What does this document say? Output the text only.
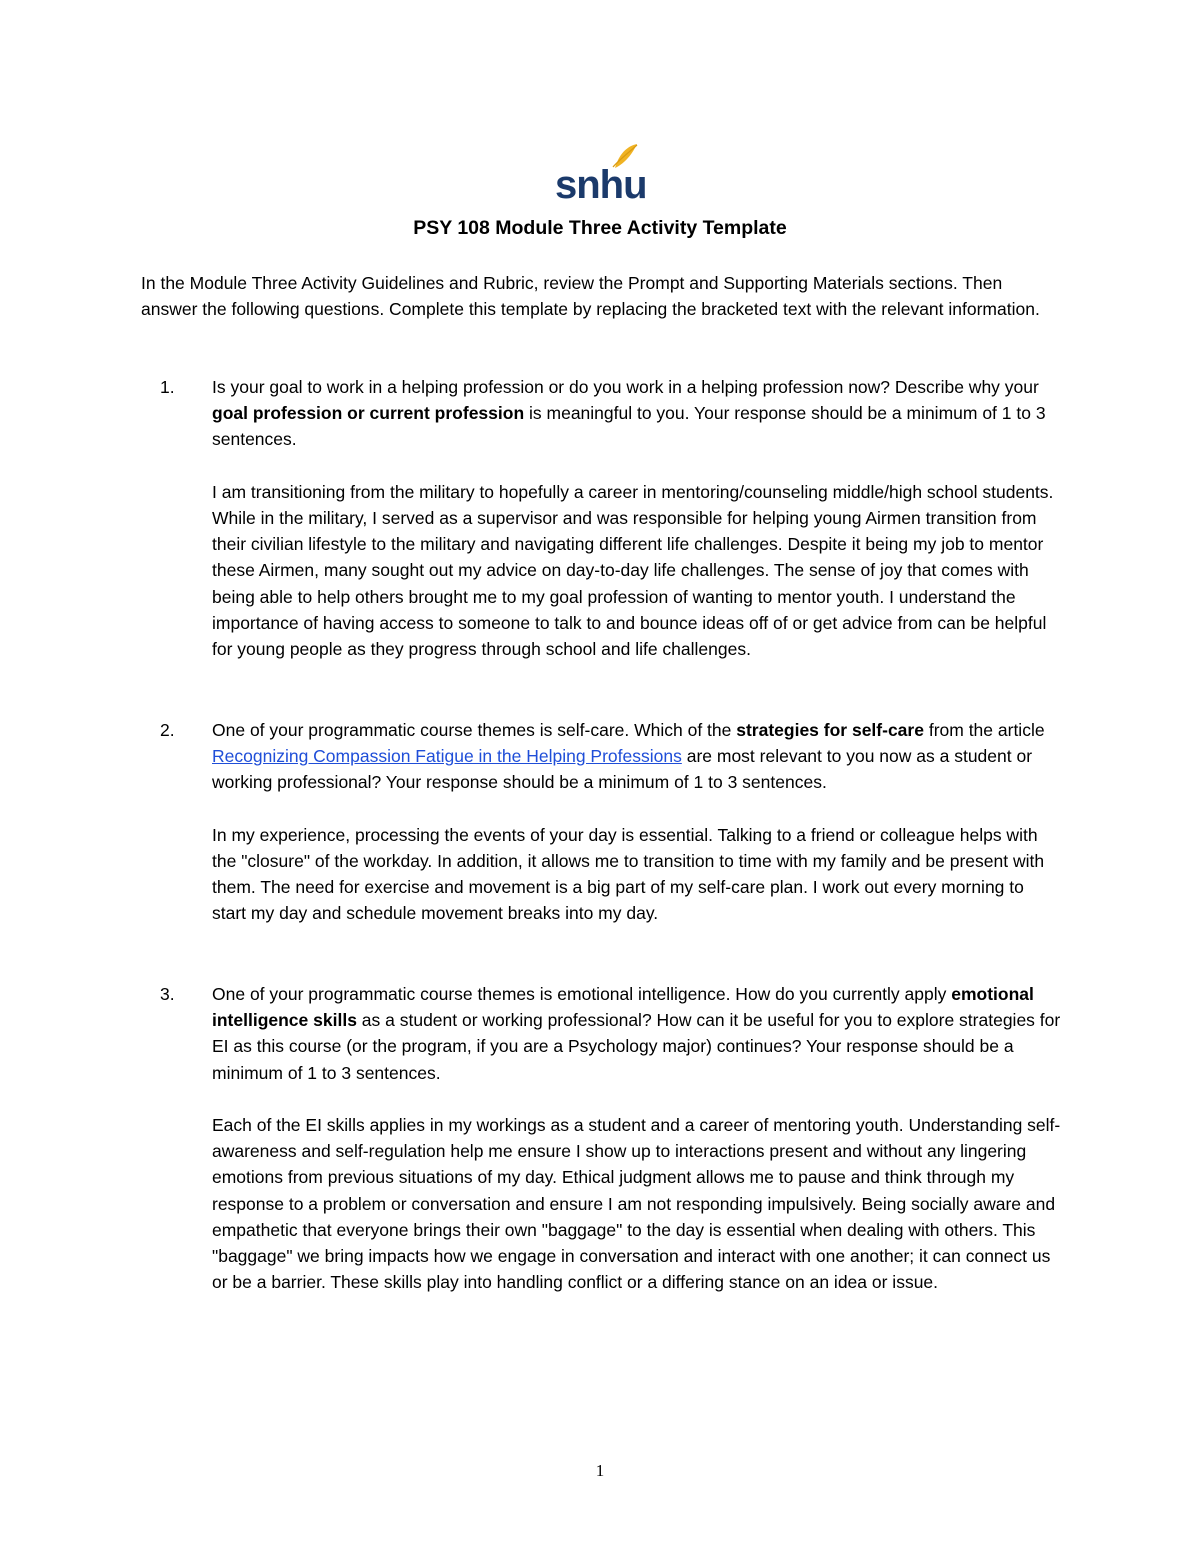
snhu
PSY 108 Module Three Activity Template

In the Module Three Activity Guidelines and Rubric, review the Prompt and Supporting Materials sections. Then answer the following questions. Complete this template by replacing the bracketed text with the relevant information.

1.	Is your goal to work in a helping profession or do you work in a helping profession now? Describe why your goal profession or current profession is meaningful to you. Your response should be a minimum of 1 to 3 sentences.

I am transitioning from the military to hopefully a career in mentoring/counseling middle/high school students. While in the military, I served as a supervisor and was responsible for helping young Airmen transition from their civilian lifestyle to the military and navigating different life challenges. Despite it being my job to mentor these Airmen, many sought out my advice on day-to-day life challenges. The sense of joy that comes with being able to help others brought me to my goal profession of wanting to mentor youth. I understand the importance of having access to someone to talk to and bounce ideas off of or get advice from can be helpful for young people as they progress through school and life challenges.

2.	One of your programmatic course themes is self-care. Which of the strategies for self-care from the article Recognizing Compassion Fatigue in the Helping Professions are most relevant to you now as a student or working professional? Your response should be a minimum of 1 to 3 sentences.

In my experience, processing the events of your day is essential. Talking to a friend or colleague helps with the "closure" of the workday. In addition, it allows me to transition to time with my family and be present with them. The need for exercise and movement is a big part of my self-care plan. I work out every morning to start my day and schedule movement breaks into my day.

3.	One of your programmatic course themes is emotional intelligence. How do you currently apply emotional intelligence skills as a student or working professional? How can it be useful for you to explore strategies for EI as this course (or the program, if you are a Psychology major) continues? Your response should be a minimum of 1 to 3 sentences.

Each of the EI skills applies in my workings as a student and a career of mentoring youth. Understanding self-awareness and self-regulation help me ensure I show up to interactions present and without any lingering emotions from previous situations of my day. Ethical judgment allows me to pause and think through my response to a problem or conversation and ensure I am not responding impulsively. Being socially aware and empathetic that everyone brings their own "baggage" to the day is essential when dealing with others. This "baggage" we bring impacts how we engage in conversation and interact with one another; it can connect us or be a barrier. These skills play into handling conflict or a differing stance on an idea or issue.

1
